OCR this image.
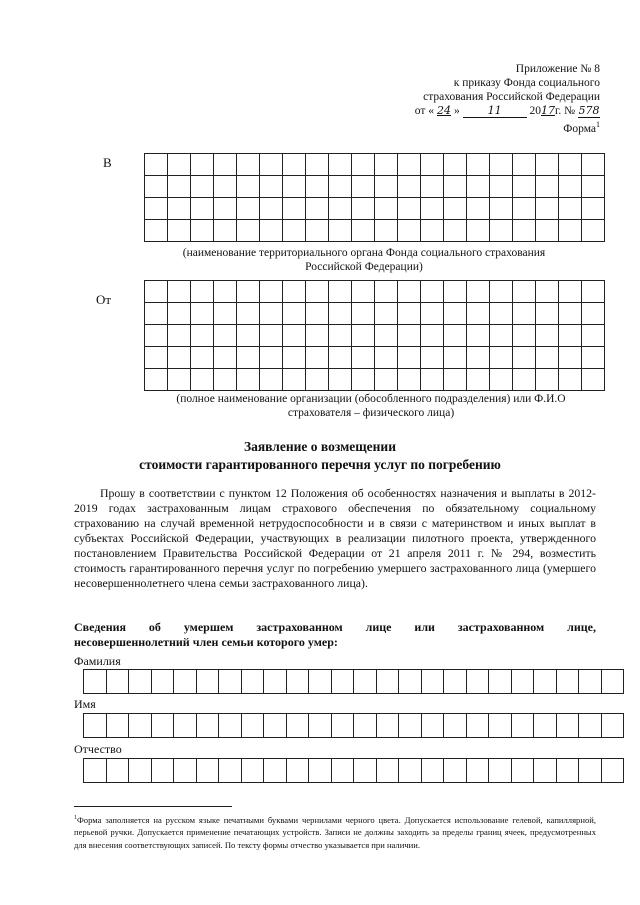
Приложение № 8
к приказу Фонда социального
страхования Российской Федерации
от « 24 »	11 2017г. № 578
Форма$^1$
В

(наименование территориального органа Фонда социального страхования
Российской Федерации)
От

(полное наименование организации (обособленного подразделения) или Ф.И.О
страхователя – физического лица)
Заявление о возмещении
стоимости гарантированного перечня услуг по погребению

Прошу в соответствии с пунктом 12 Положения об особенностях назначения и выплаты в 2012-2019 годах застрахованным лицам страхового обеспечения по обязательному социальному страхованию на случай временной нетрудоспособности и в связи с материнством и иных выплат в субъектах Российской Федерации, участвующих в реализации пилотного проекта, утвержденного постановлением Правительства Российской Федерации от 21 апреля 2011 г. № 294, возместить стоимость гарантированного перечня услуг по погребению умершего застрахованного лица (умершего несовершеннолетнего члена семьи застрахованного лица).

Сведения об умершем застрахованном лице или застрахованном лице,
несовершеннолетний член семьи которого умер:
Фамилия

Имя

Отчество

$^1$Форма заполняется на русском языке печатными буквами чернилами черного цвета. Допускается использование гелевой, капиллярной, перьевой ручки. Допускается применение печатающих устройств. Записи не должны заходить за пределы границ ячеек, предусмотренных для внесения соответствующих записей. По тексту формы отчество указывается при наличии.
